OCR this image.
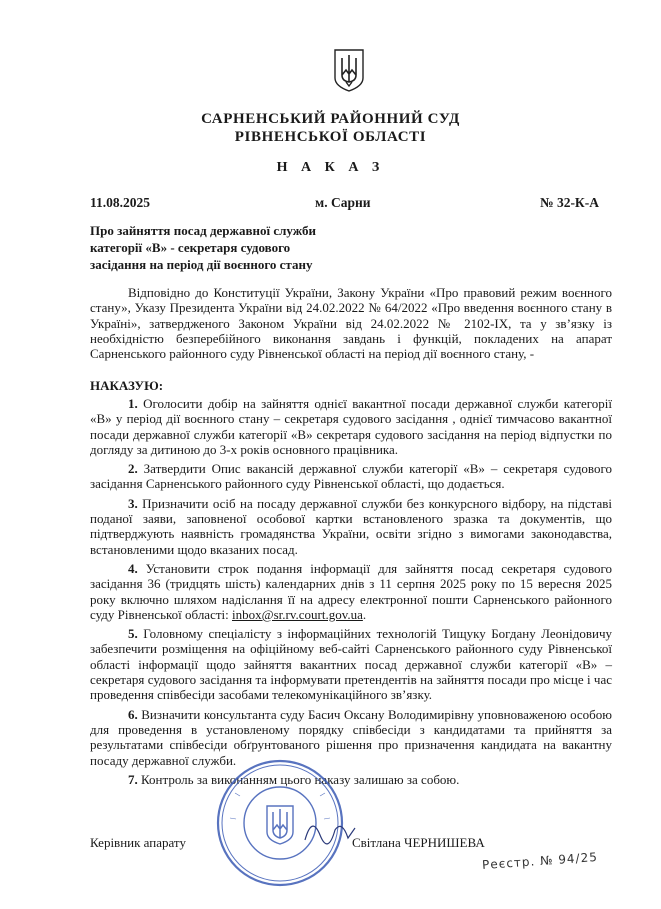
САРНЕНСЬКИЙ РАЙОННИЙ СУД
РІВНЕНСЬКОЇ ОБЛАСТІ
Н А К А З
11.08.2025	м. Сарни	№ 32-К-А
Про зайняття посад державної служби
категорії «В» - секретаря судового
засідання на період дії воєнного стану

Відповідно до Конституції України, Закону України «Про правовий режим воєнного стану», Указу Президента України від 24.02.2022 № 64/2022 «Про введення воєнного стану в Україні», затвердженого Законом України від 24.02.2022 № 2102-IX, та у зв’язку із необхідністю безперебійного виконання завдань і функцій, покладених на апарат Сарненського районного суду Рівненської області на період дії воєнного стану, -

НАКАЗУЮ:

1. Оголосити добір на зайняття однієї вакантної посади державної служби категорії «В» у період дії воєнного стану – секретаря судового засідання , однієї тимчасово вакантної посади державної служби категорії «В» секретаря судового засідання на період відпустки по догляду за дитиною до 3-х років основного працівника.

2. Затвердити Опис вакансій державної служби категорії «В» – секретаря судового засідання Сарненського районного суду Рівненської області, що додається.

3. Призначити осіб на посаду державної служби без конкурсного відбору, на підставі поданої заяви, заповненої особової картки встановленого зразка та документів, що підтверджують наявність громадянства України, освіти згідно з вимогами законодавства, встановленими щодо вказаних посад.

4. Установити строк подання інформації для зайняття посад секретаря судового засідання 36 (тридцять шість) календарних днів з 11 серпня 2025 року по 15 вересня 2025 року включно шляхом надіслання її на адресу електронної пошти Сарненського районного суду Рівненської області: inbox@sr.rv.court.gov.ua.

5. Головному спеціалісту з інформаційних технологій Тищуку Богдану Леонідовичу забезпечити розміщення на офіційному веб-сайті Сарненського районного суду Рівненської області інформації щодо зайняття вакантних посад державної служби категорії «В» – секретаря судового засідання та інформувати претендентів на зайняття посади про місце і час проведення співбесіди засобами телекомунікаційного зв’язку.

6. Визначити консультанта суду Басич Оксану Володимирівну уповноваженою особою для проведення в установленому порядку співбесіди з кандидатами та прийняття за результатами співбесіди обґрунтованого рішення про призначення кандидата на вакантну посаду державної служби.

7. Контроль за виконанням цього наказу залишаю за собою.

Керівник апарату	Світлана ЧЕРНИШЕВА
Реєстр. № 94/25
